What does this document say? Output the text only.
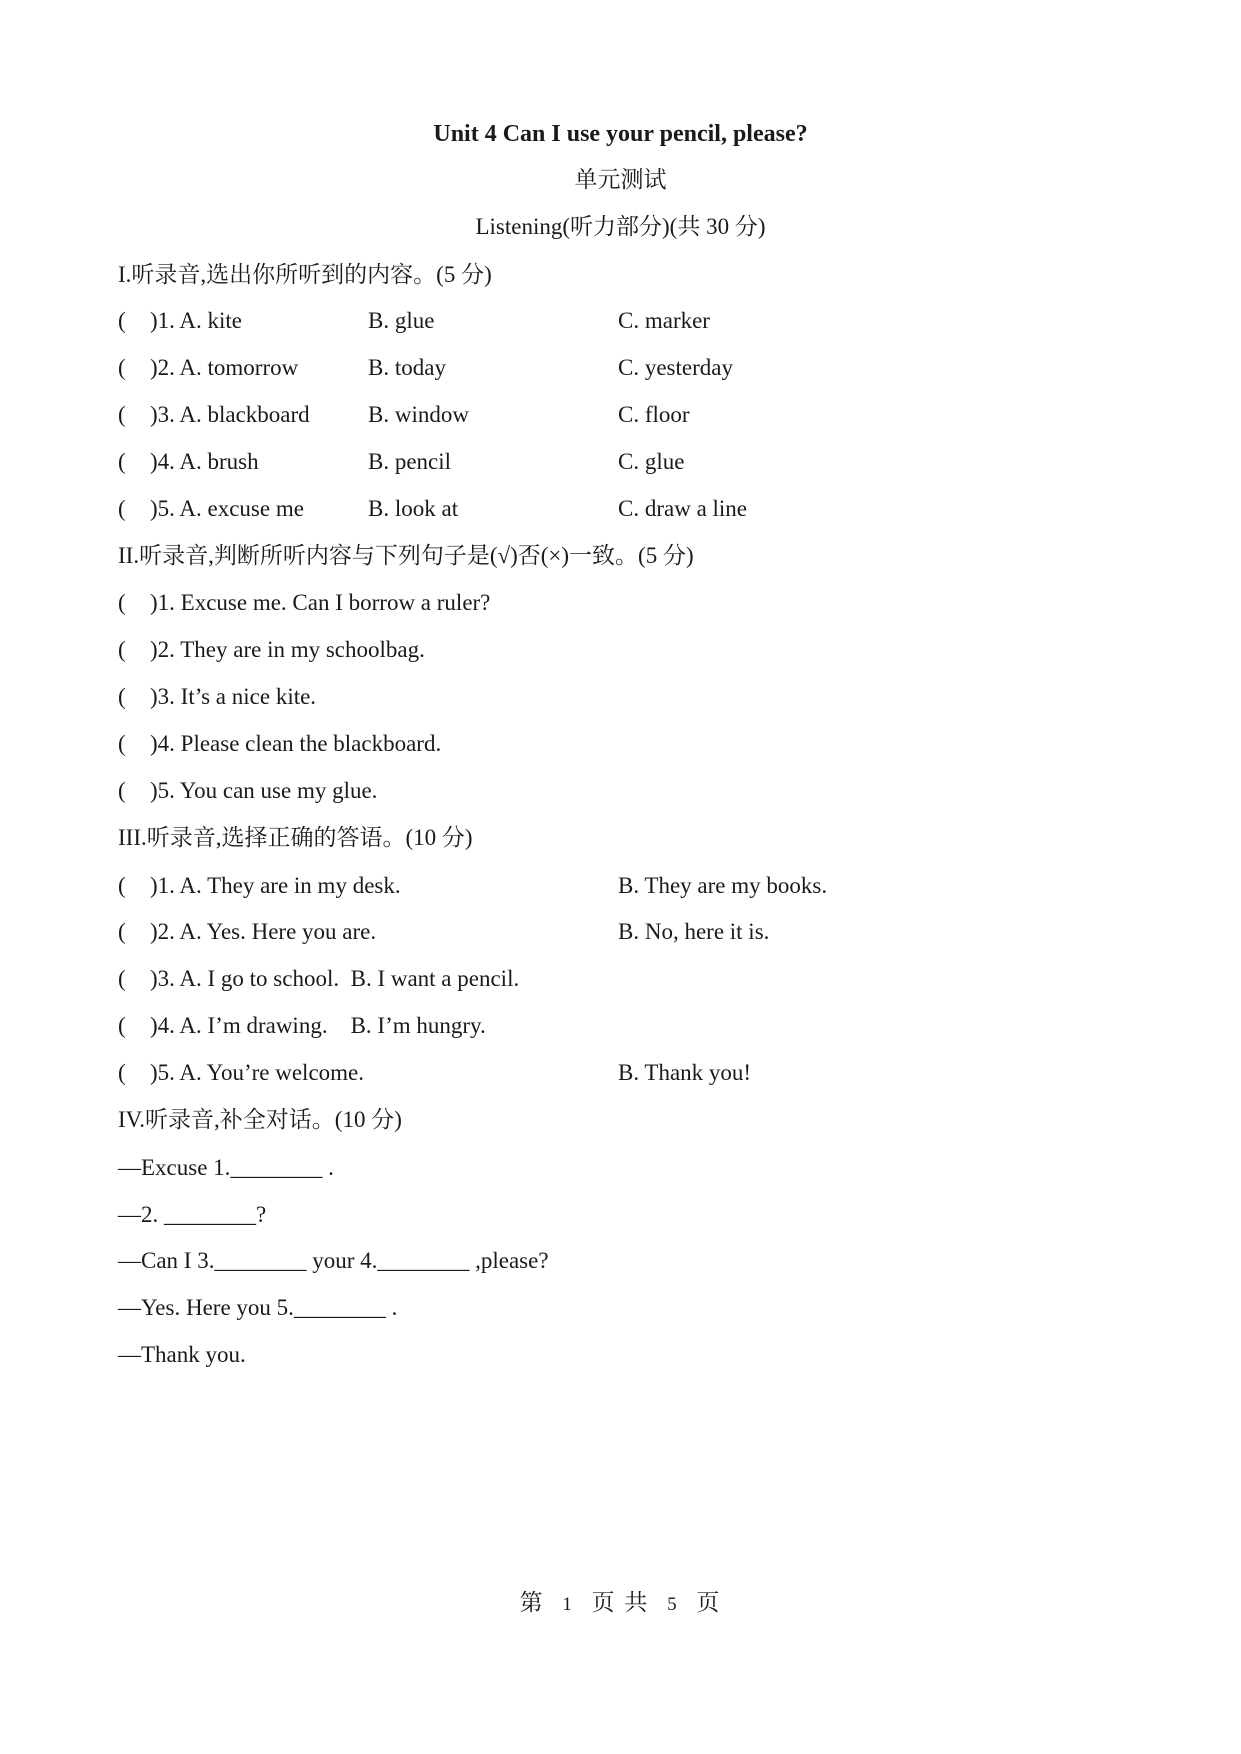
Unit 4 Can I use your pencil, please?
单元测试
Listening(听力部分)(共 30 分)
I.听录音,选出你所听到的内容。(5 分)
( )1. A. kite	B. glue	C. marker
( )2. A. tomorrow	B. today	C. yesterday
( )3. A. blackboard	B. window	C. floor
( )4. A. brush	B. pencil	C. glue
( )5. A. excuse me	B. look at	C. draw a line
II.听录音,判断所听内容与下列句子是(√)否(×)一致。(5 分)
( )1. Excuse me. Can I borrow a ruler?
( )2. They are in my schoolbag.
( )3. It’s a nice kite.
( )4. Please clean the blackboard.
( )5. You can use my glue.
III.听录音,选择正确的答语。(10 分)
( )1. A. They are in my desk.	B. They are my books.
( )2. A. Yes. Here you are.	B. No, here it is.
( )3. A. I go to school.  B. I want a pencil.
( )4. A. I’m drawing.    B. I’m hungry.
( )5. A. You’re welcome.	B. Thank you!
IV.听录音,补全对话。(10 分)
—Excuse 1.________ .
—2. ________?
—Can I 3.________ your 4.________ ,please?
—Yes. Here you 5.________ .
—Thank you.
第 1 页 共 5 页
